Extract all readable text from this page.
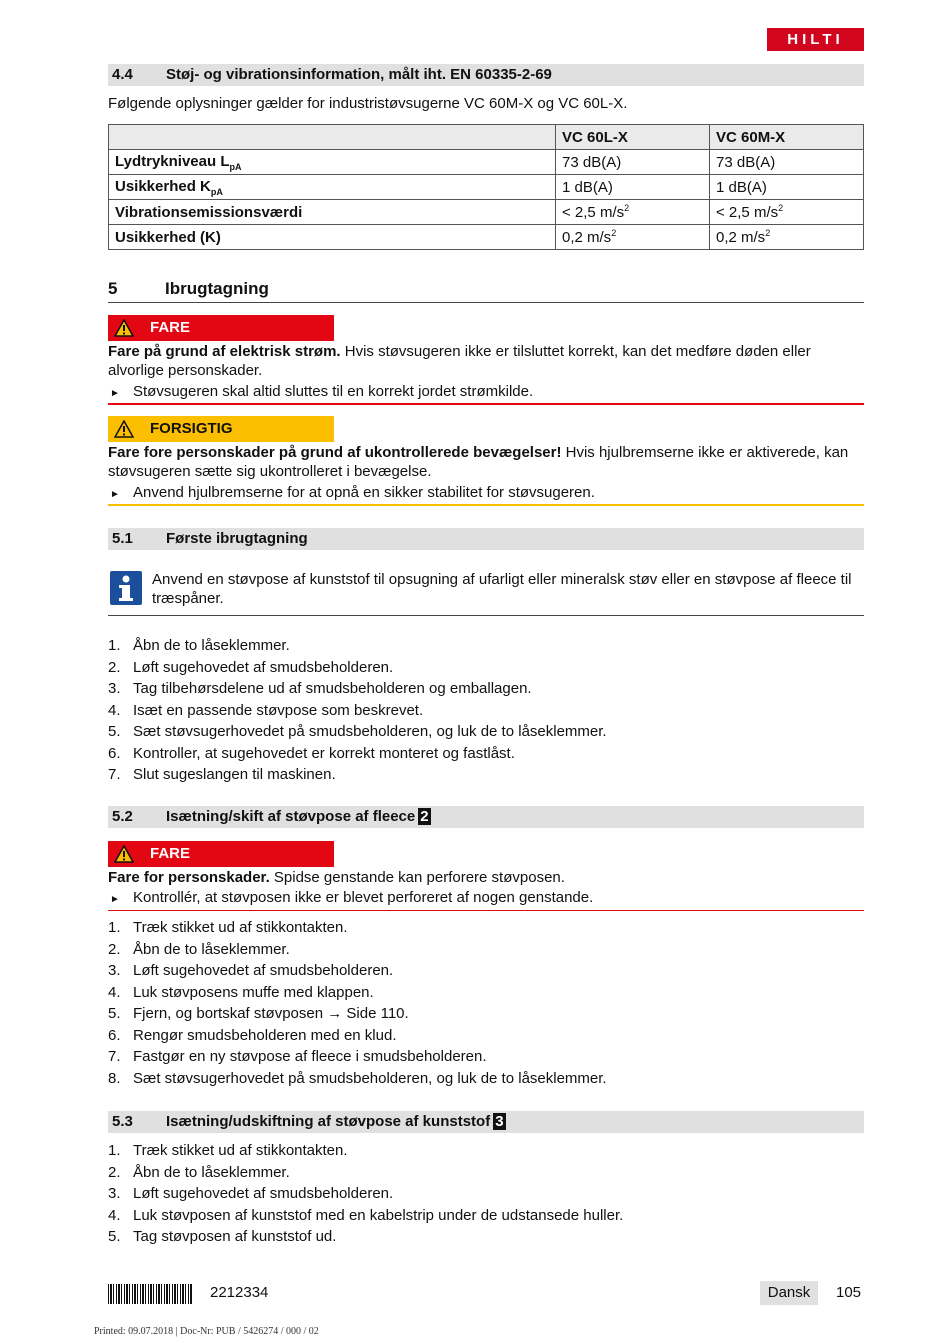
HILTI
4.4 Støj- og vibrationsinformation, målt iht. EN 60335-2-69
Følgende oplysninger gælder for industristøvsugerne VC 60M-X og VC 60L-X.
	VC 60L-X	VC 60M-X
Lydtrykniveau $L_{pA}$	73 dB(A)	73 dB(A)
Usikkerhed $K_{pA}$	1 dB(A)	1 dB(A)
Vibrationsemissionsværdi	< 2,5 $m/s^2$	< 2,5 $m/s^2$
Usikkerhed (K)	0,2 $m/s^2$	0,2 $m/s^2$
5	Ibrugtagning
FARE
Fare på grund af elektrisk strøm. Hvis støvsugeren ikke er tilsluttet korrekt, kan det medføre døden eller alvorlige personskader.
► Støvsugeren skal altid sluttes til en korrekt jordet strømkilde.
FORSIGTIG
Fare fore personskader på grund af ukontrollerede bevægelser! Hvis hjulbremserne ikke er aktiverede, kan støvsugeren sætte sig ukontrolleret i bevægelse.
► Anvend hjulbremserne for at opnå en sikker stabilitet for støvsugeren.
5.1 Første ibrugtagning
Anvend en støvpose af kunststof til opsugning af ufarligt eller mineralsk støv eller en støvpose af fleece til træspåner.
1. Åbn de to låseklemmer.
2. Løft sugehovedet af smudsbeholderen.
3. Tag tilbehørsdelene ud af smudsbeholderen og emballagen.
4. Isæt en passende støvpose som beskrevet.
5. Sæt støvsugerhovedet på smudsbeholderen, og luk de to låseklemmer.
6. Kontroller, at sugehovedet er korrekt monteret og fastlåst.
7. Slut sugeslangen til maskinen.
5.2 Isætning/skift af støvpose af fleece 2
FARE
Fare for personskader. Spidse genstande kan perforere støvposen.
► Kontrollér, at støvposen ikke er blevet perforeret af nogen genstande.
1. Træk stikket ud af stikkontakten.
2. Åbn de to låseklemmer.
3. Løft sugehovedet af smudsbeholderen.
4. Luk støvposens muffe med klappen.
5. Fjern, og bortskaf støvposen → Side 110.
6. Rengør smudsbeholderen med en klud.
7. Fastgør en ny støvpose af fleece i smudsbeholderen.
8. Sæt støvsugerhovedet på smudsbeholderen, og luk de to låseklemmer.
5.3 Isætning/udskiftning af støvpose af kunststof 3
1. Træk stikket ud af stikkontakten.
2. Åbn de to låseklemmer.
3. Løft sugehovedet af smudsbeholderen.
4. Luk støvposen af kunststof med en kabelstrip under de udstansede huller.
5. Tag støvposen af kunststof ud.
2212334	Dansk	105
Printed: 09.07.2018 | Doc-Nr: PUB / 5426274 / 000 / 02
